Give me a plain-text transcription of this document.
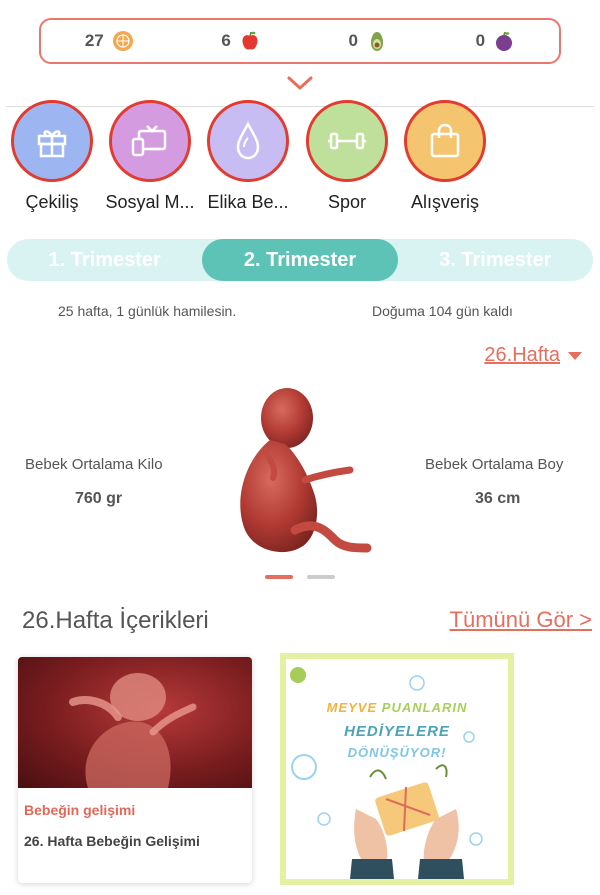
27	6	0	0
Çekiliş	Sosyal M... Elika Be...	Spor	Alışveriş
1. Trimester	2. Trimester	3. Trimester
25 hafta, 1 günlük hamilesin.	Doğuma 104 gün kaldı
26.Hafta
Bebek Ortalama Kilo
760 gr
Bebek Ortalama Boy
36 cm
26.Hafta İçerikleri	Tümünü Gör >
Bebeğin gelişimi
26. Hafta Bebeğin Gelişimi
MEYVE PUANLARIN
HEDİYELERE
DÖNÜŞÜYOR!
